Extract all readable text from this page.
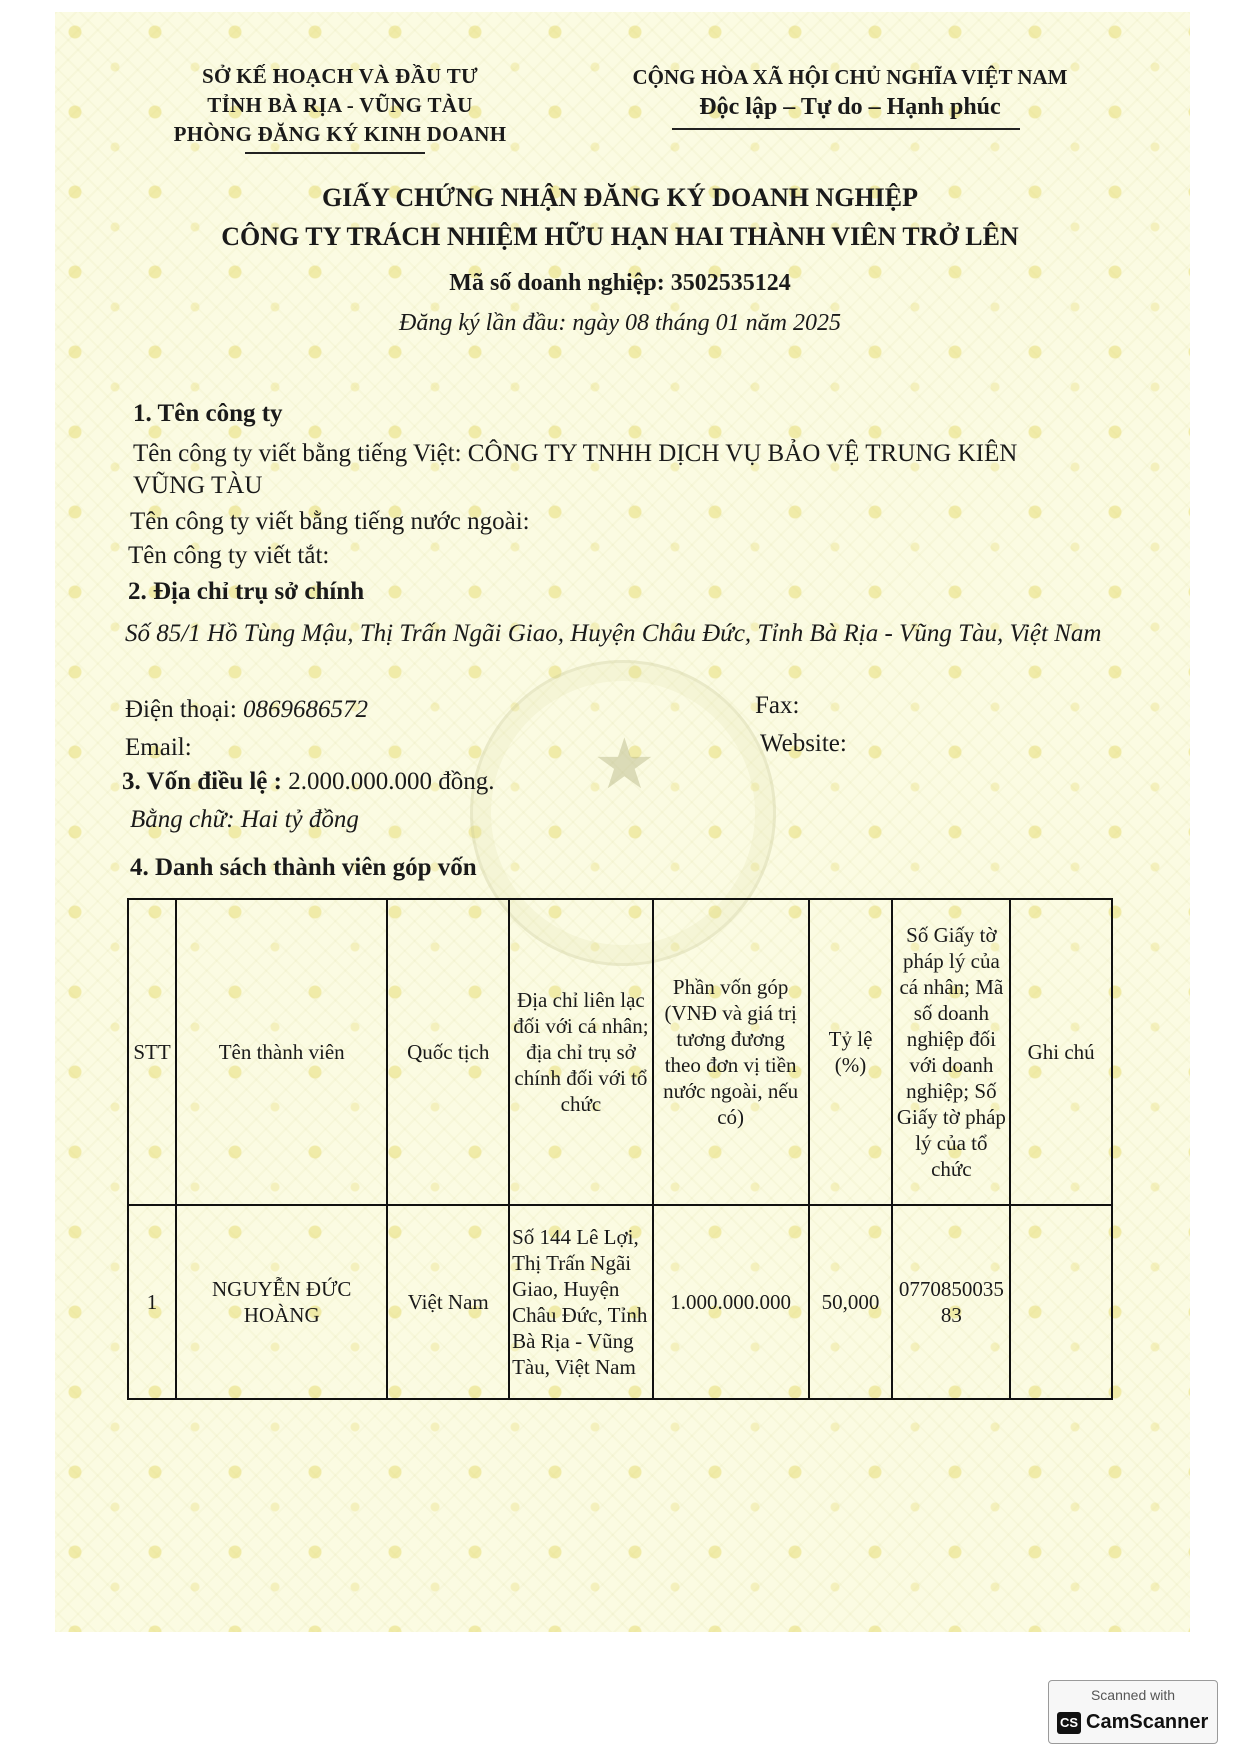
★
SỞ KẾ HOẠCH VÀ ĐẦU TƯ
TỈNH BÀ RỊA - VŨNG TÀU

PHÒNG ĐĂNG KÝ KINH DOANH
CỘNG HÒA XÃ HỘI CHỦ NGHĨA VIỆT NAM
Độc lập – Tự do – Hạnh phúc
GIẤY CHỨNG NHẬN ĐĂNG KÝ DOANH NGHIỆP
CÔNG TY TRÁCH NHIỆM HỮU HẠN HAI THÀNH VIÊN TRỞ LÊN
Mã số doanh nghiệp: 3502535124
Đăng ký lần đầu: ngày 08 tháng 01 năm 2025
1. Tên công ty
Tên công ty viết bằng tiếng Việt: CÔNG TY TNHH DỊCH VỤ BẢO VỆ TRUNG KIÊN VŨNG TÀU
Tên công ty viết bằng tiếng nước ngoài:
Tên công ty viết tắt:
2. Địa chỉ trụ sở chính
Số 85/1 Hồ Tùng Mậu, Thị Trấn Ngãi Giao, Huyện Châu Đức, Tỉnh Bà Rịa - Vũng Tàu, Việt Nam
Điện thoại: 0869686572	Fax:
Email:	Website:
3. Vốn điều lệ : 2.000.000.000 đồng.
Bằng chữ: Hai tỷ đồng
4. Danh sách thành viên góp vốn
STT	Tên thành viên	Quốc tịch	Địa chỉ liên lạc đối với cá nhân; địa chỉ trụ sở chính đối với tổ chức	Phần vốn góp (VNĐ và giá trị tương đương theo đơn vị tiền nước ngoài, nếu có)	Tỷ lệ (%)	Số Giấy tờ pháp lý của cá nhân; Mã số doanh nghiệp đối với doanh nghiệp; Số Giấy tờ pháp lý của tổ chức	Ghi chú
1	NGUYỄN ĐỨC HOÀNG	Việt Nam	Số 144 Lê Lợi, Thị Trấn Ngãi Giao, Huyện Châu Đức, Tỉnh Bà Rịa - Vũng Tàu, Việt Nam	1.000.000.000	50,000	077085003583	
Scanned with
CS CamScanner
